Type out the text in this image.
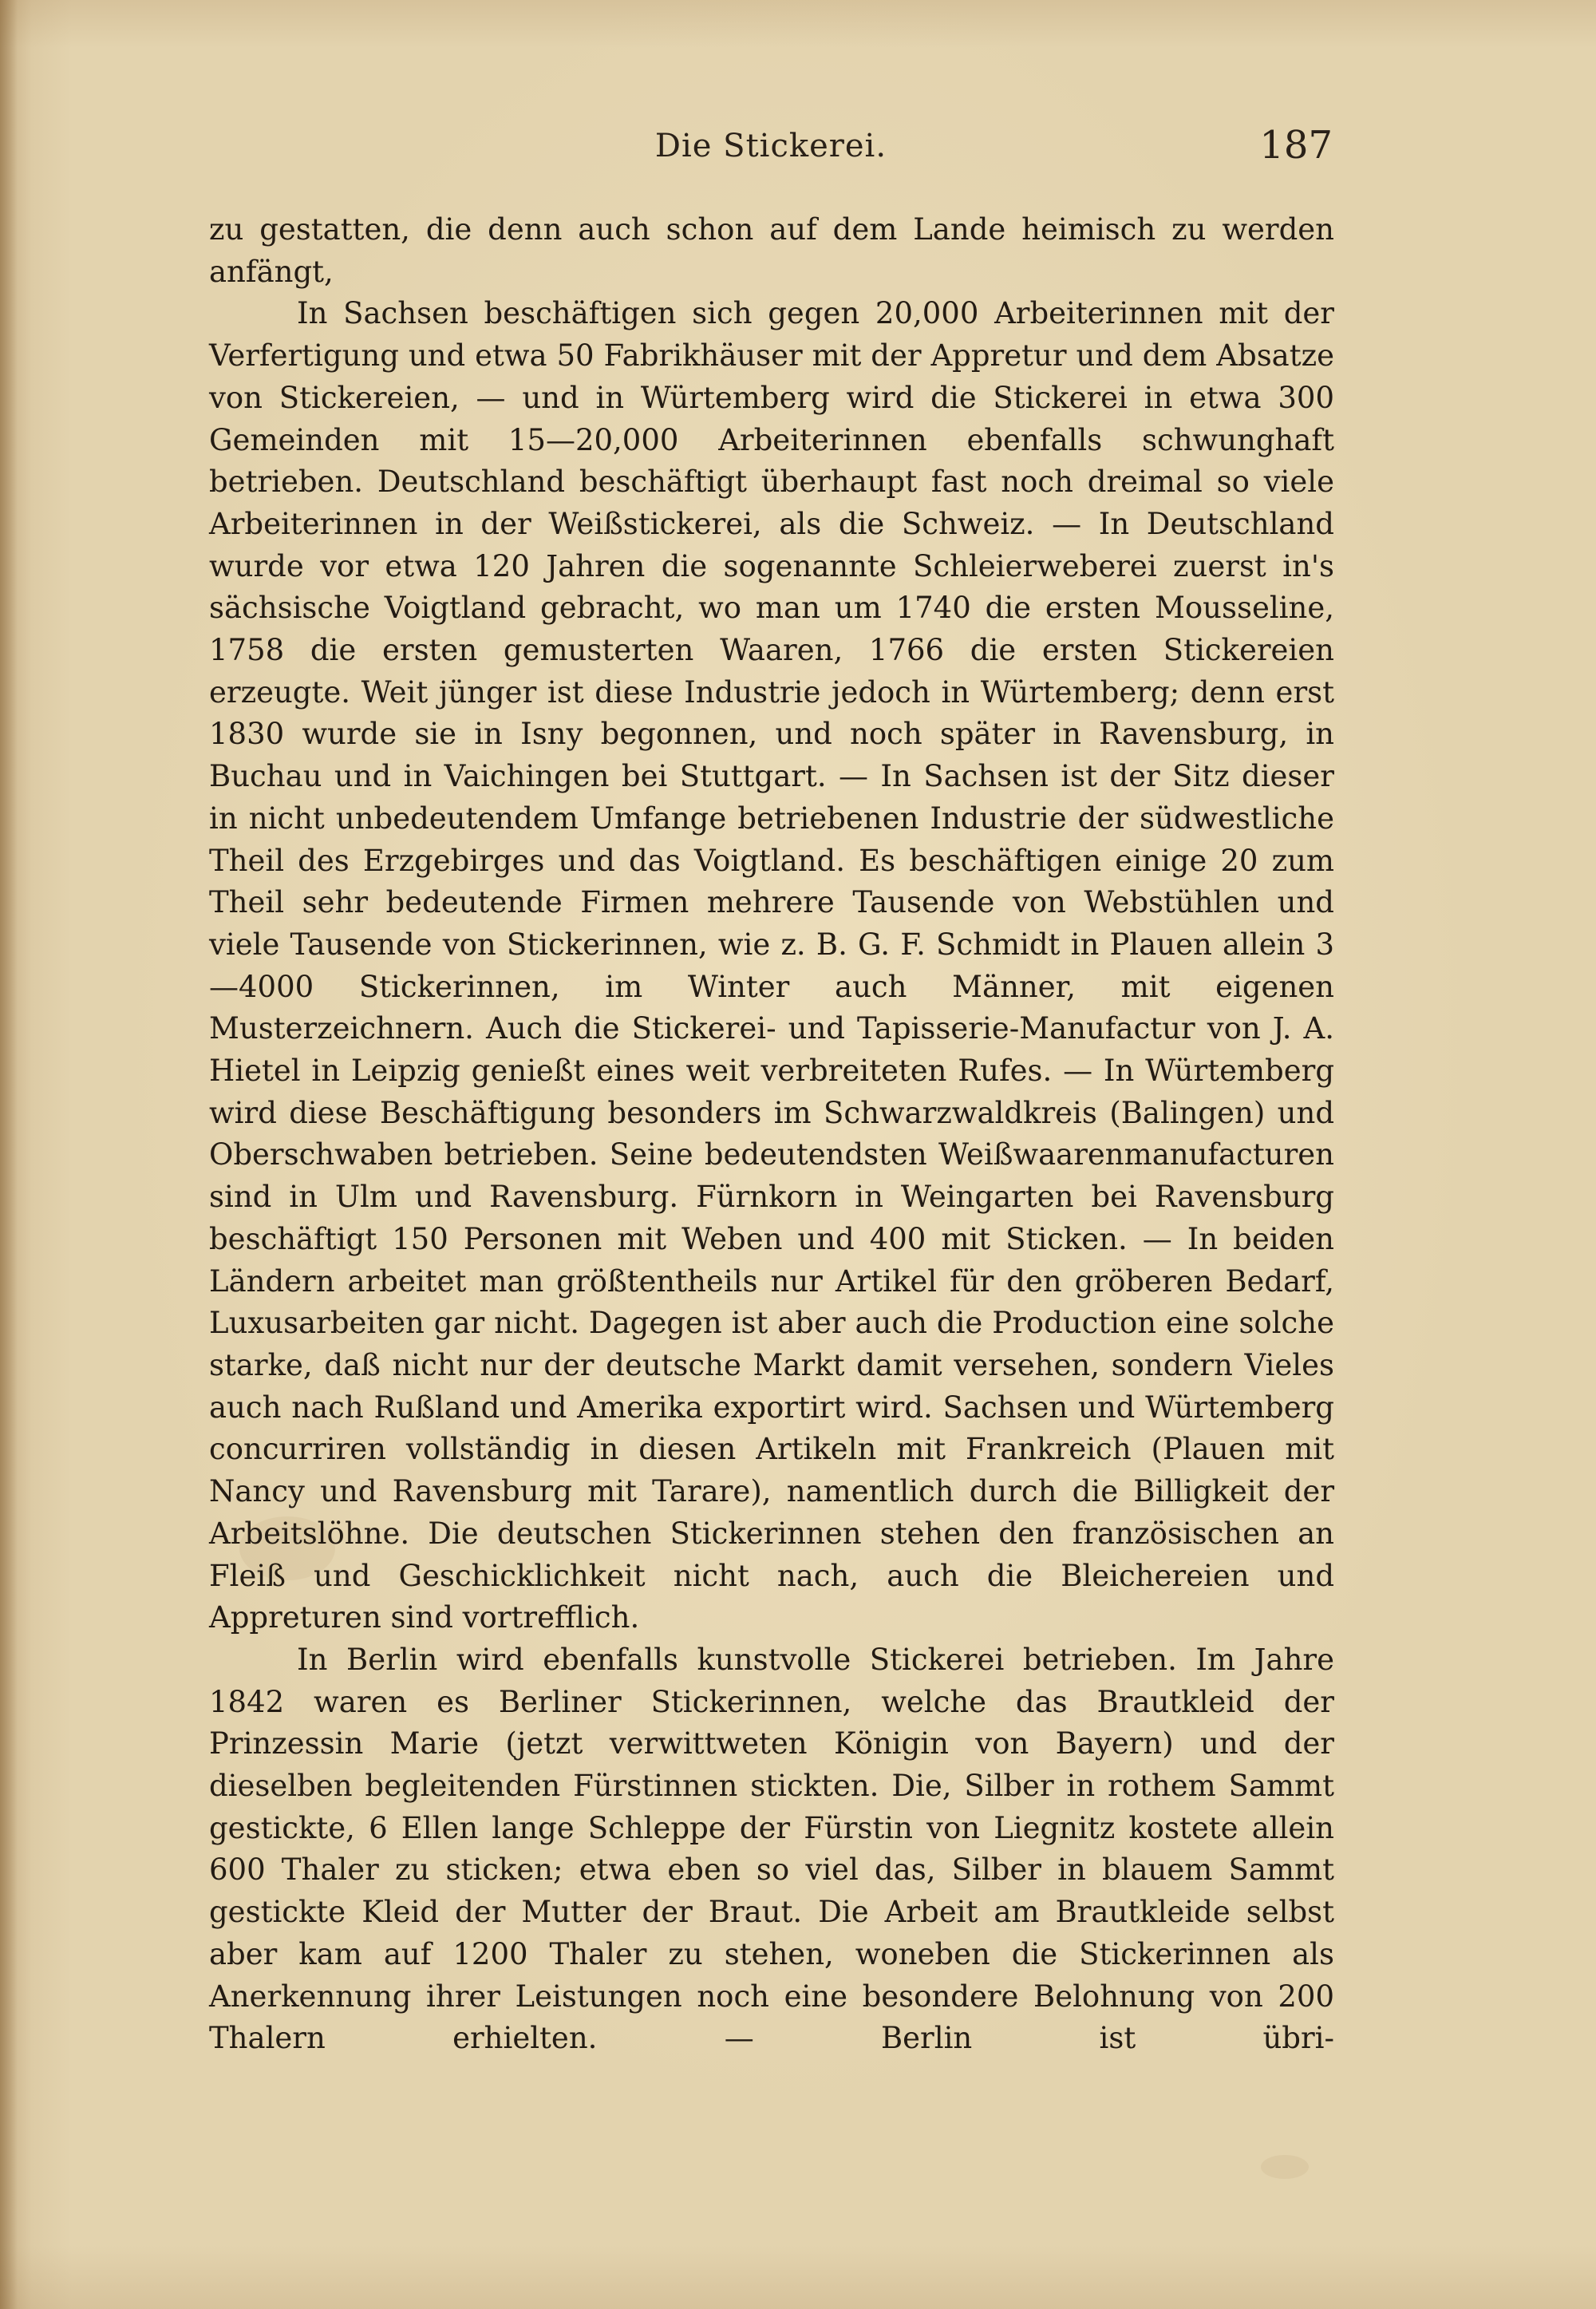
Die Stickerei.	187

zu gestatten, die denn auch schon auf dem Lande heimisch zu werden anfängt,

In Sachsen beschäftigen sich gegen 20,000 Arbeiterinnen mit der Verfertigung und etwa 50 Fabrikhäuser mit der Appretur und dem Absatze von Stickereien, — und in Würtemberg wird die Stickerei in etwa 300 Gemeinden mit 15—20,000 Arbeiterinnen ebenfalls schwunghaft betrieben. Deutschland beschäftigt überhaupt fast noch dreimal so viele Arbeiterinnen in der Weißstickerei, als die Schweiz. — In Deutschland wurde vor etwa 120 Jahren die sogenannte Schleierweberei zuerst in's sächsische Voigtland gebracht, wo man um 1740 die ersten Mousseline, 1758 die ersten gemusterten Waaren, 1766 die ersten Stickereien erzeugte. Weit jünger ist diese Industrie jedoch in Würtemberg; denn erst 1830 wurde sie in Isny begonnen, und noch später in Ravensburg, in Buchau und in Vaichingen bei Stuttgart. — In Sachsen ist der Sitz dieser in nicht unbedeutendem Umfange betriebenen Industrie der südwestliche Theil des Erzgebirges und das Voigtland. Es beschäftigen einige 20 zum Theil sehr bedeutende Firmen mehrere Tausende von Webstühlen und viele Tausende von Stickerinnen, wie z. B. G. F. Schmidt in Plauen allein 3—4000 Stickerinnen, im Winter auch Männer, mit eigenen Musterzeichnern. Auch die Stickerei- und Tapisserie-Manufactur von J. A. Hietel in Leipzig genießt eines weit verbreiteten Rufes. — In Würtemberg wird diese Beschäftigung besonders im Schwarzwaldkreis (Balingen) und Oberschwaben betrieben. Seine bedeutendsten Weißwaarenmanufacturen sind in Ulm und Ravensburg. Fürnkorn in Weingarten bei Ravensburg beschäftigt 150 Personen mit Weben und 400 mit Sticken. — In beiden Ländern arbeitet man größtentheils nur Artikel für den gröberen Bedarf, Luxusarbeiten gar nicht. Dagegen ist aber auch die Production eine solche starke, daß nicht nur der deutsche Markt damit versehen, sondern Vieles auch nach Rußland und Amerika exportirt wird. Sachsen und Würtemberg concurriren vollständig in diesen Artikeln mit Frankreich (Plauen mit Nancy und Ravensburg mit Tarare), namentlich durch die Billigkeit der Arbeitslöhne. Die deutschen Stickerinnen stehen den französischen an Fleiß und Geschicklichkeit nicht nach, auch die Bleichereien und Appreturen sind vortrefflich.

In Berlin wird ebenfalls kunstvolle Stickerei betrieben. Im Jahre 1842 waren es Berliner Stickerinnen, welche das Brautkleid der Prinzessin Marie (jetzt verwittweten Königin von Bayern) und der dieselben begleitenden Fürstinnen stickten. Die, Silber in rothem Sammt gestickte, 6 Ellen lange Schleppe der Fürstin von Liegnitz kostete allein 600 Thaler zu sticken; etwa eben so viel das, Silber in blauem Sammt gestickte Kleid der Mutter der Braut. Die Arbeit am Brautkleide selbst aber kam auf 1200 Thaler zu stehen, woneben die Stickerinnen als Anerkennung ihrer Leistungen noch eine besondere Belohnung von 200 Thalern erhielten. — Berlin ist übri-
